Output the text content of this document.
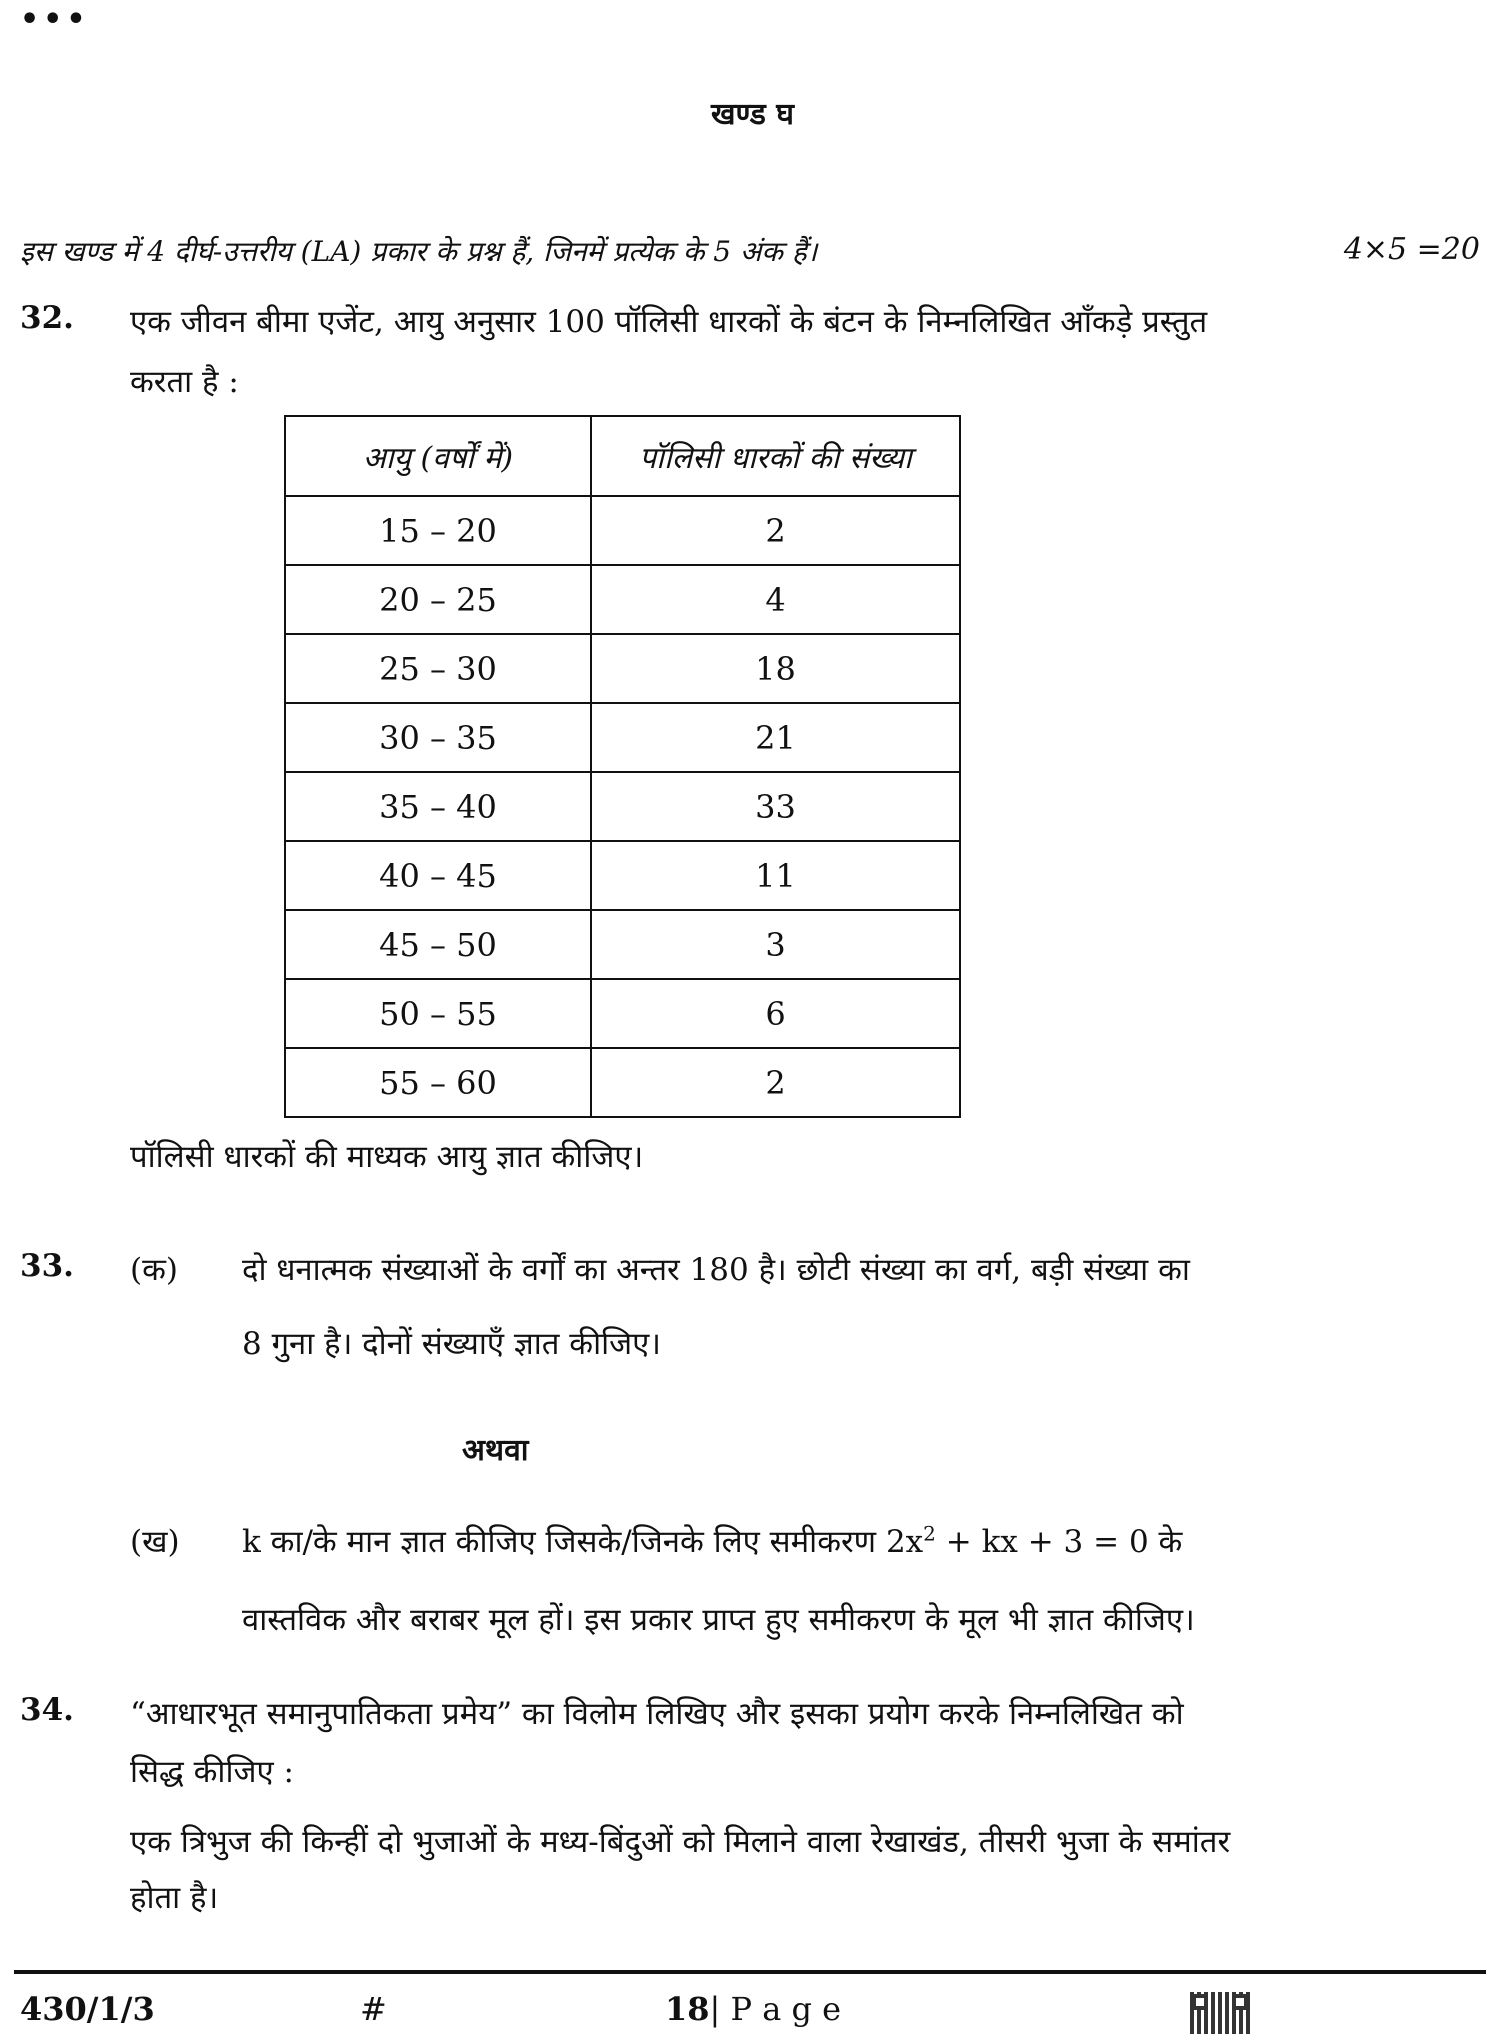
•••
खण्ड घ
इस खण्ड में 4 दीर्घ-उत्तरीय (LA) प्रकार के प्रश्न हैं, जिनमें प्रत्येक के 5 अंक हैं।	4×5 =20
32. एक जीवन बीमा एजेंट, आयु अनुसार 100 पॉलिसी धारकों के बंटन के निम्नलिखित आँकड़े प्रस्तुत
करता है :
आयु (वर्षों में)	पॉलिसी धारकों की संख्या
15 – 20	2
20 – 25	4
25 – 30	18
30 – 35	21
35 – 40	33
40 – 45	11
45 – 50	3
50 – 55	6
55 – 60	2
पॉलिसी धारकों की माध्यक आयु ज्ञात कीजिए।
33. (क) दो धनात्मक संख्याओं के वर्गों का अन्तर 180 है। छोटी संख्या का वर्ग, बड़ी संख्या का
8 गुना है। दोनों संख्याएँ ज्ञात कीजिए।
अथवा
(ख) k का/के मान ज्ञात कीजिए जिसके/जिनके लिए समीकरण $2x^2$ + kx + 3 = 0 के
वास्तविक और बराबर मूल हों। इस प्रकार प्राप्त हुए समीकरण के मूल भी ज्ञात कीजिए।
34. “आधारभूत समानुपातिकता प्रमेय” का विलोम लिखिए और इसका प्रयोग करके निम्नलिखित को
सिद्ध कीजिए :
एक त्रिभुज की किन्हीं दो भुजाओं के मध्य-बिंदुओं को मिलाने वाला रेखाखंड, तीसरी भुजा के समांतर
होता है।
430/1/3	#	18| P a g e
